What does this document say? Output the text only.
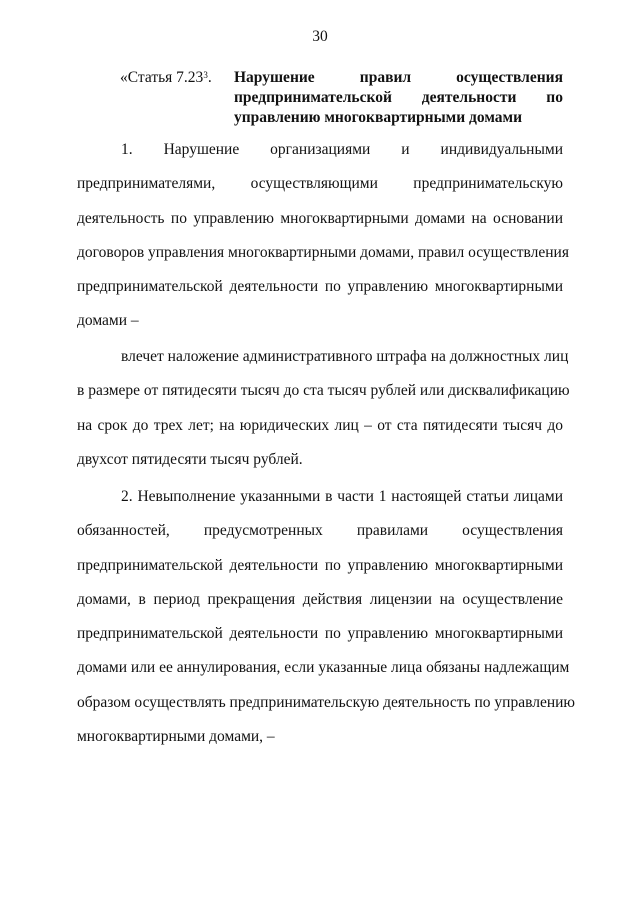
30
«Статья 7.23$^3$.	Нарушение правил осуществления
предпринимательской деятельности по
управлению многоквартирными домами
1. Нарушение организациями и индивидуальными
предпринимателями, осуществляющими предпринимательскую
деятельность по управлению многоквартирными домами на основании
договоров управления многоквартирными домами, правил осуществления
предпринимательской деятельности по управлению многоквартирными
домами –
влечет наложение административного штрафа на должностных лиц
в размере от пятидесяти тысяч до ста тысяч рублей или дисквалификацию
на срок до трех лет; на юридических лиц – от ста пятидесяти тысяч до
двухсот пятидесяти тысяч рублей.
2. Невыполнение указанными в части 1 настоящей статьи лицами
обязанностей, предусмотренных правилами осуществления
предпринимательской деятельности по управлению многоквартирными
домами, в период прекращения действия лицензии на осуществление
предпринимательской деятельности по управлению многоквартирными
домами или ее аннулирования, если указанные лица обязаны надлежащим
образом осуществлять предпринимательскую деятельность по управлению
многоквартирными домами, –
